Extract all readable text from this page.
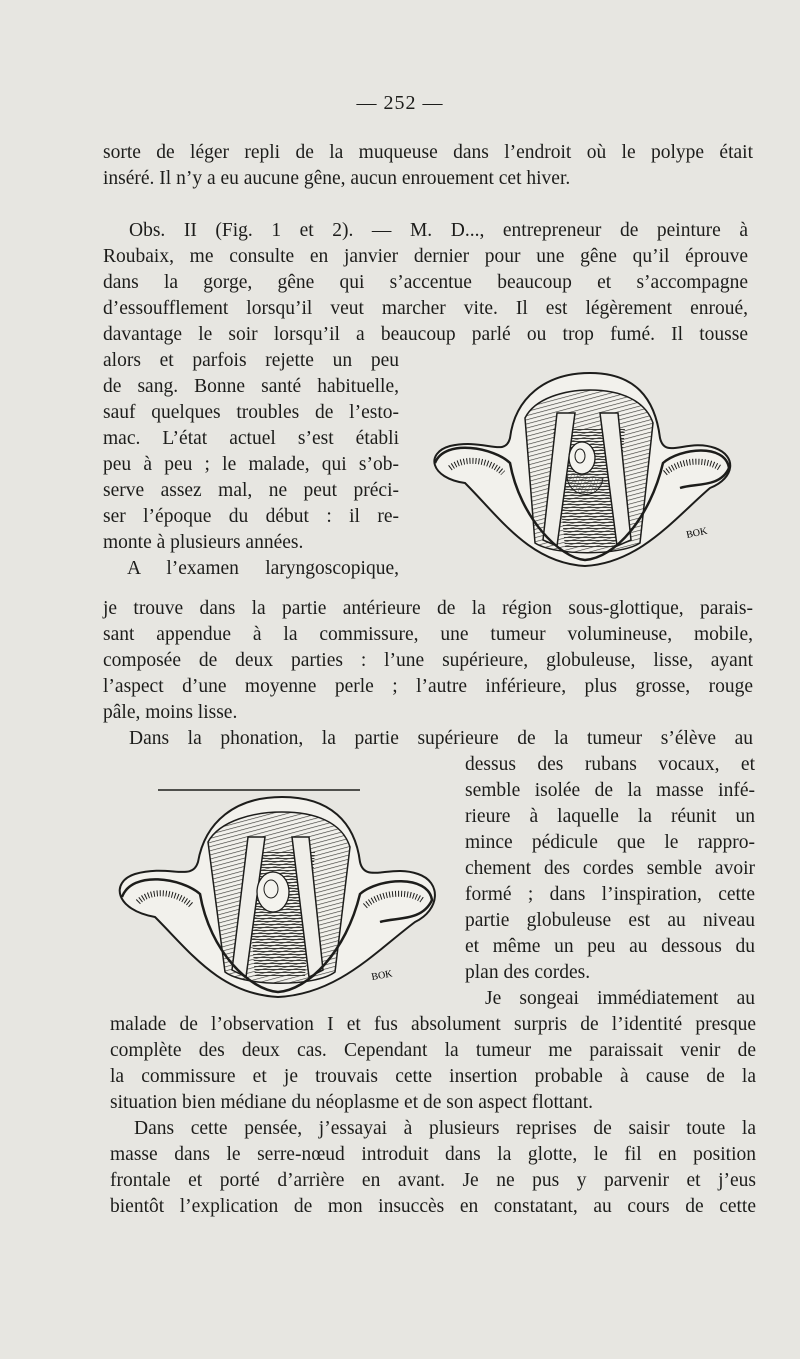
— 252 —
sorte de léger repli de la muqueuse dans l’endroit où le polype était
inséré. Il n’y a eu aucune gêne, aucun enrouement cet hiver.
Obs. II (Fig. 1 et 2). — M. D..., entrepreneur de peinture à
Roubaix, me consulte en janvier dernier pour une gêne qu’il éprouve
dans la gorge, gêne qui s’accentue beaucoup et s’accompagne
d’essoufflement lorsqu’il veut marcher vite. Il est légèrement enroué,
davantage le soir lorsqu’il a beaucoup parlé ou trop fumé. Il tousse
alors et parfois rejette un peu
de sang. Bonne santé habituelle,
sauf quelques troubles de l’esto-
mac. L’état actuel s’est établi
peu à peu ; le malade, qui s’ob-
serve assez mal, ne peut préci-
ser l’époque du début : il re-
monte à plusieurs années.
A l’examen laryngoscopique,
BOK
je trouve dans la partie antérieure de la région sous-glottique, parais-
sant appendue à la commissure, une tumeur volumineuse, mobile,
composée de deux parties : l’une supérieure, globuleuse, lisse, ayant
l’aspect d’une moyenne perle ; l’autre inférieure, plus grosse, rouge
pâle, moins lisse.
Dans la phonation, la partie supérieure de la tumeur s’élève au
BOK
dessus des rubans vocaux, et
semble isolée de la masse infé-
rieure à laquelle la réunit un
mince pédicule que le rappro-
chement des cordes semble avoir
formé ; dans l’inspiration, cette
partie globuleuse est au niveau
et même un peu au dessous du
plan des cordes.
Je songeai immédiatement au
malade de l’observation I et fus absolument surpris de l’identité presque
complète des deux cas. Cependant la tumeur me paraissait venir de
la commissure et je trouvais cette insertion probable à cause de la
situation bien médiane du néoplasme et de son aspect flottant.
Dans cette pensée, j’essayai à plusieurs reprises de saisir toute la
masse dans le serre-nœud introduit dans la glotte, le fil en position
frontale et porté d’arrière en avant. Je ne pus y parvenir et j’eus
bientôt l’explication de mon insuccès en constatant, au cours de cette
